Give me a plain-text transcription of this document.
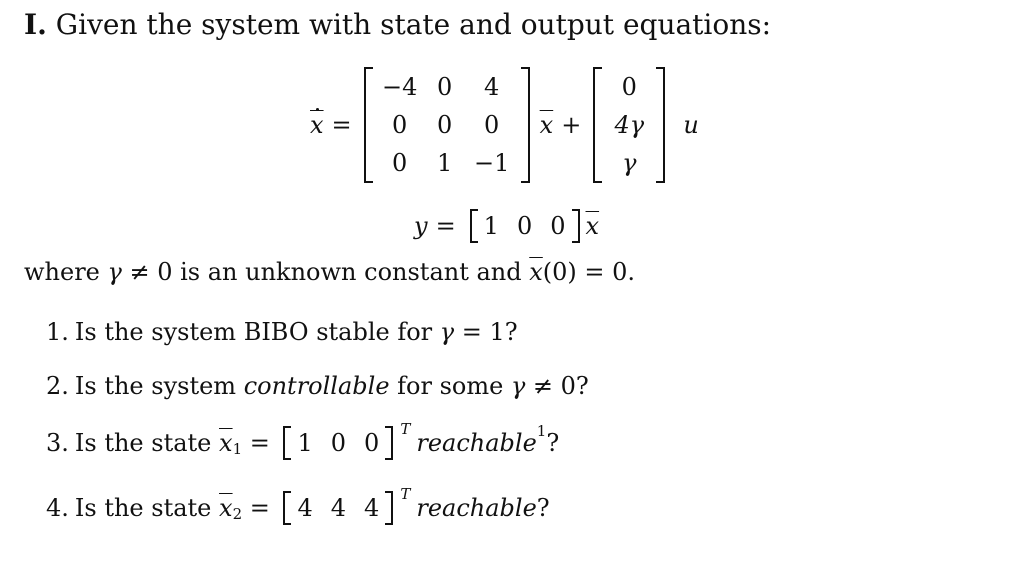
I. Given the system with state and output equations:
$\overline{x}$ =
−4 0	4
0	0	0
0	1 −1
$\overline{x}$ +
0
4γ
γ
u
y = 1 0 0 $\overline{x}$
where γ ≠ 0 is an unknown constant and $\overline{x}(0) = 0$.
1. Is the system BIBO stable for γ = 1?
2. Is the system controllable for some γ ≠ 0?
3. Is the state $\overline{x}$ 1 = 1 0 0 T reachable 1 ?
4. Is the state $\overline{x}$ 2 = 4 4 4 T reachable ?
